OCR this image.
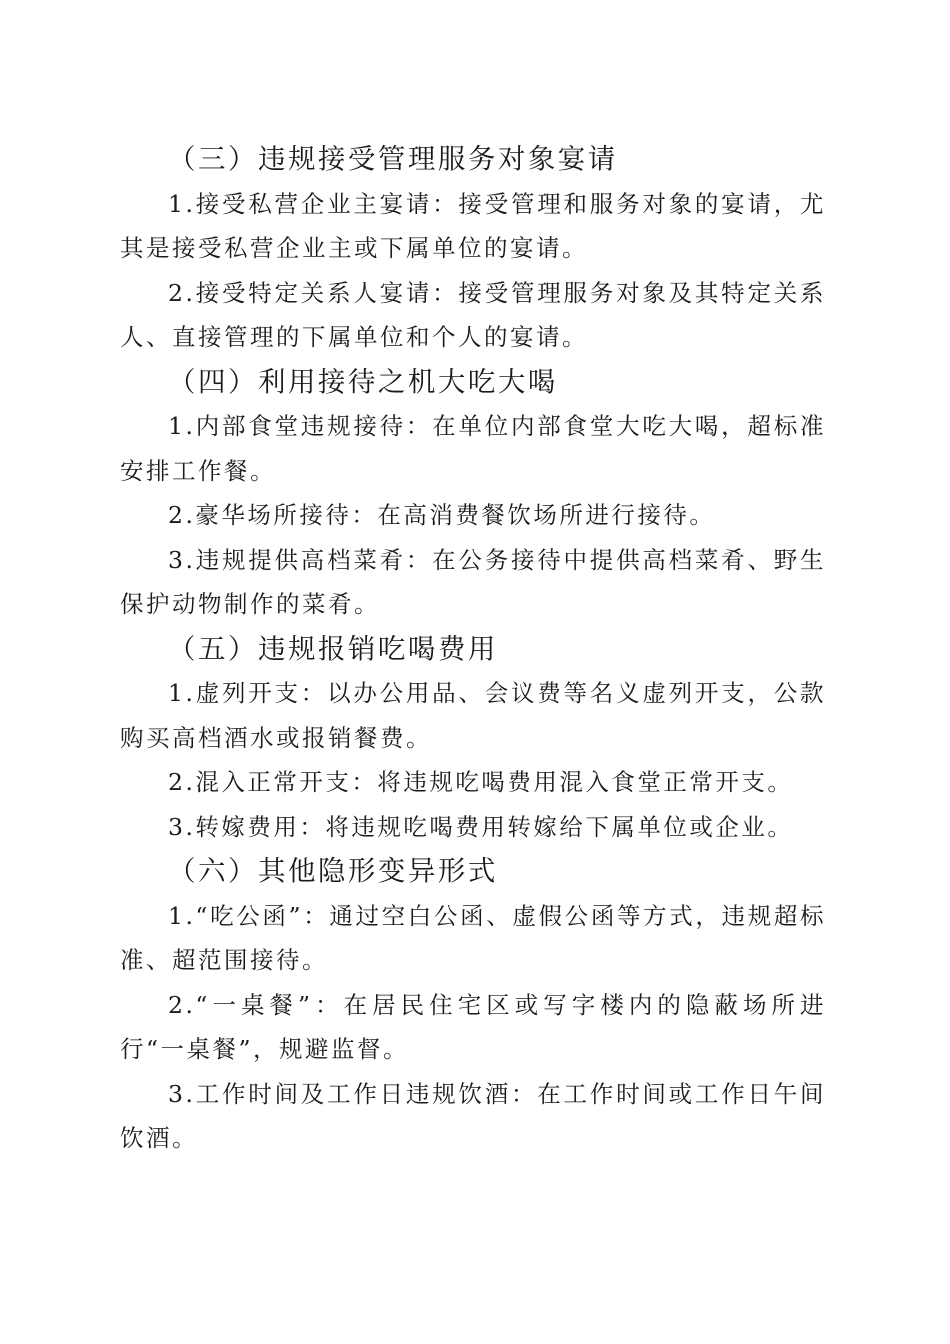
（三）违规接受管理服务对象宴请

1.接受私营企业主宴请：接受管理和服务对象的宴请，尤其是接受私营企业主或下属单位的宴请。

2.接受特定关系人宴请：接受管理服务对象及其特定关系人、直接管理的下属单位和个人的宴请。

（四）利用接待之机大吃大喝

1.内部食堂违规接待：在单位内部食堂大吃大喝，超标准安排工作餐。

2.豪华场所接待：在高消费餐饮场所进行接待。

3.违规提供高档菜肴：在公务接待中提供高档菜肴、野生保护动物制作的菜肴。

（五）违规报销吃喝费用

1.虚列开支：以办公用品、会议费等名义虚列开支，公款购买高档酒水或报销餐费。

2.混入正常开支：将违规吃喝费用混入食堂正常开支。

3.转嫁费用：将违规吃喝费用转嫁给下属单位或企业。

（六）其他隐形变异形式

1.“吃公函”：通过空白公函、虚假公函等方式，违规超标准、超范围接待。

2.“一桌餐”：在居民住宅区或写字楼内的隐蔽场所进行“一桌餐”，规避监督。

3.工作时间及工作日违规饮酒：在工作时间或工作日午间饮酒。
